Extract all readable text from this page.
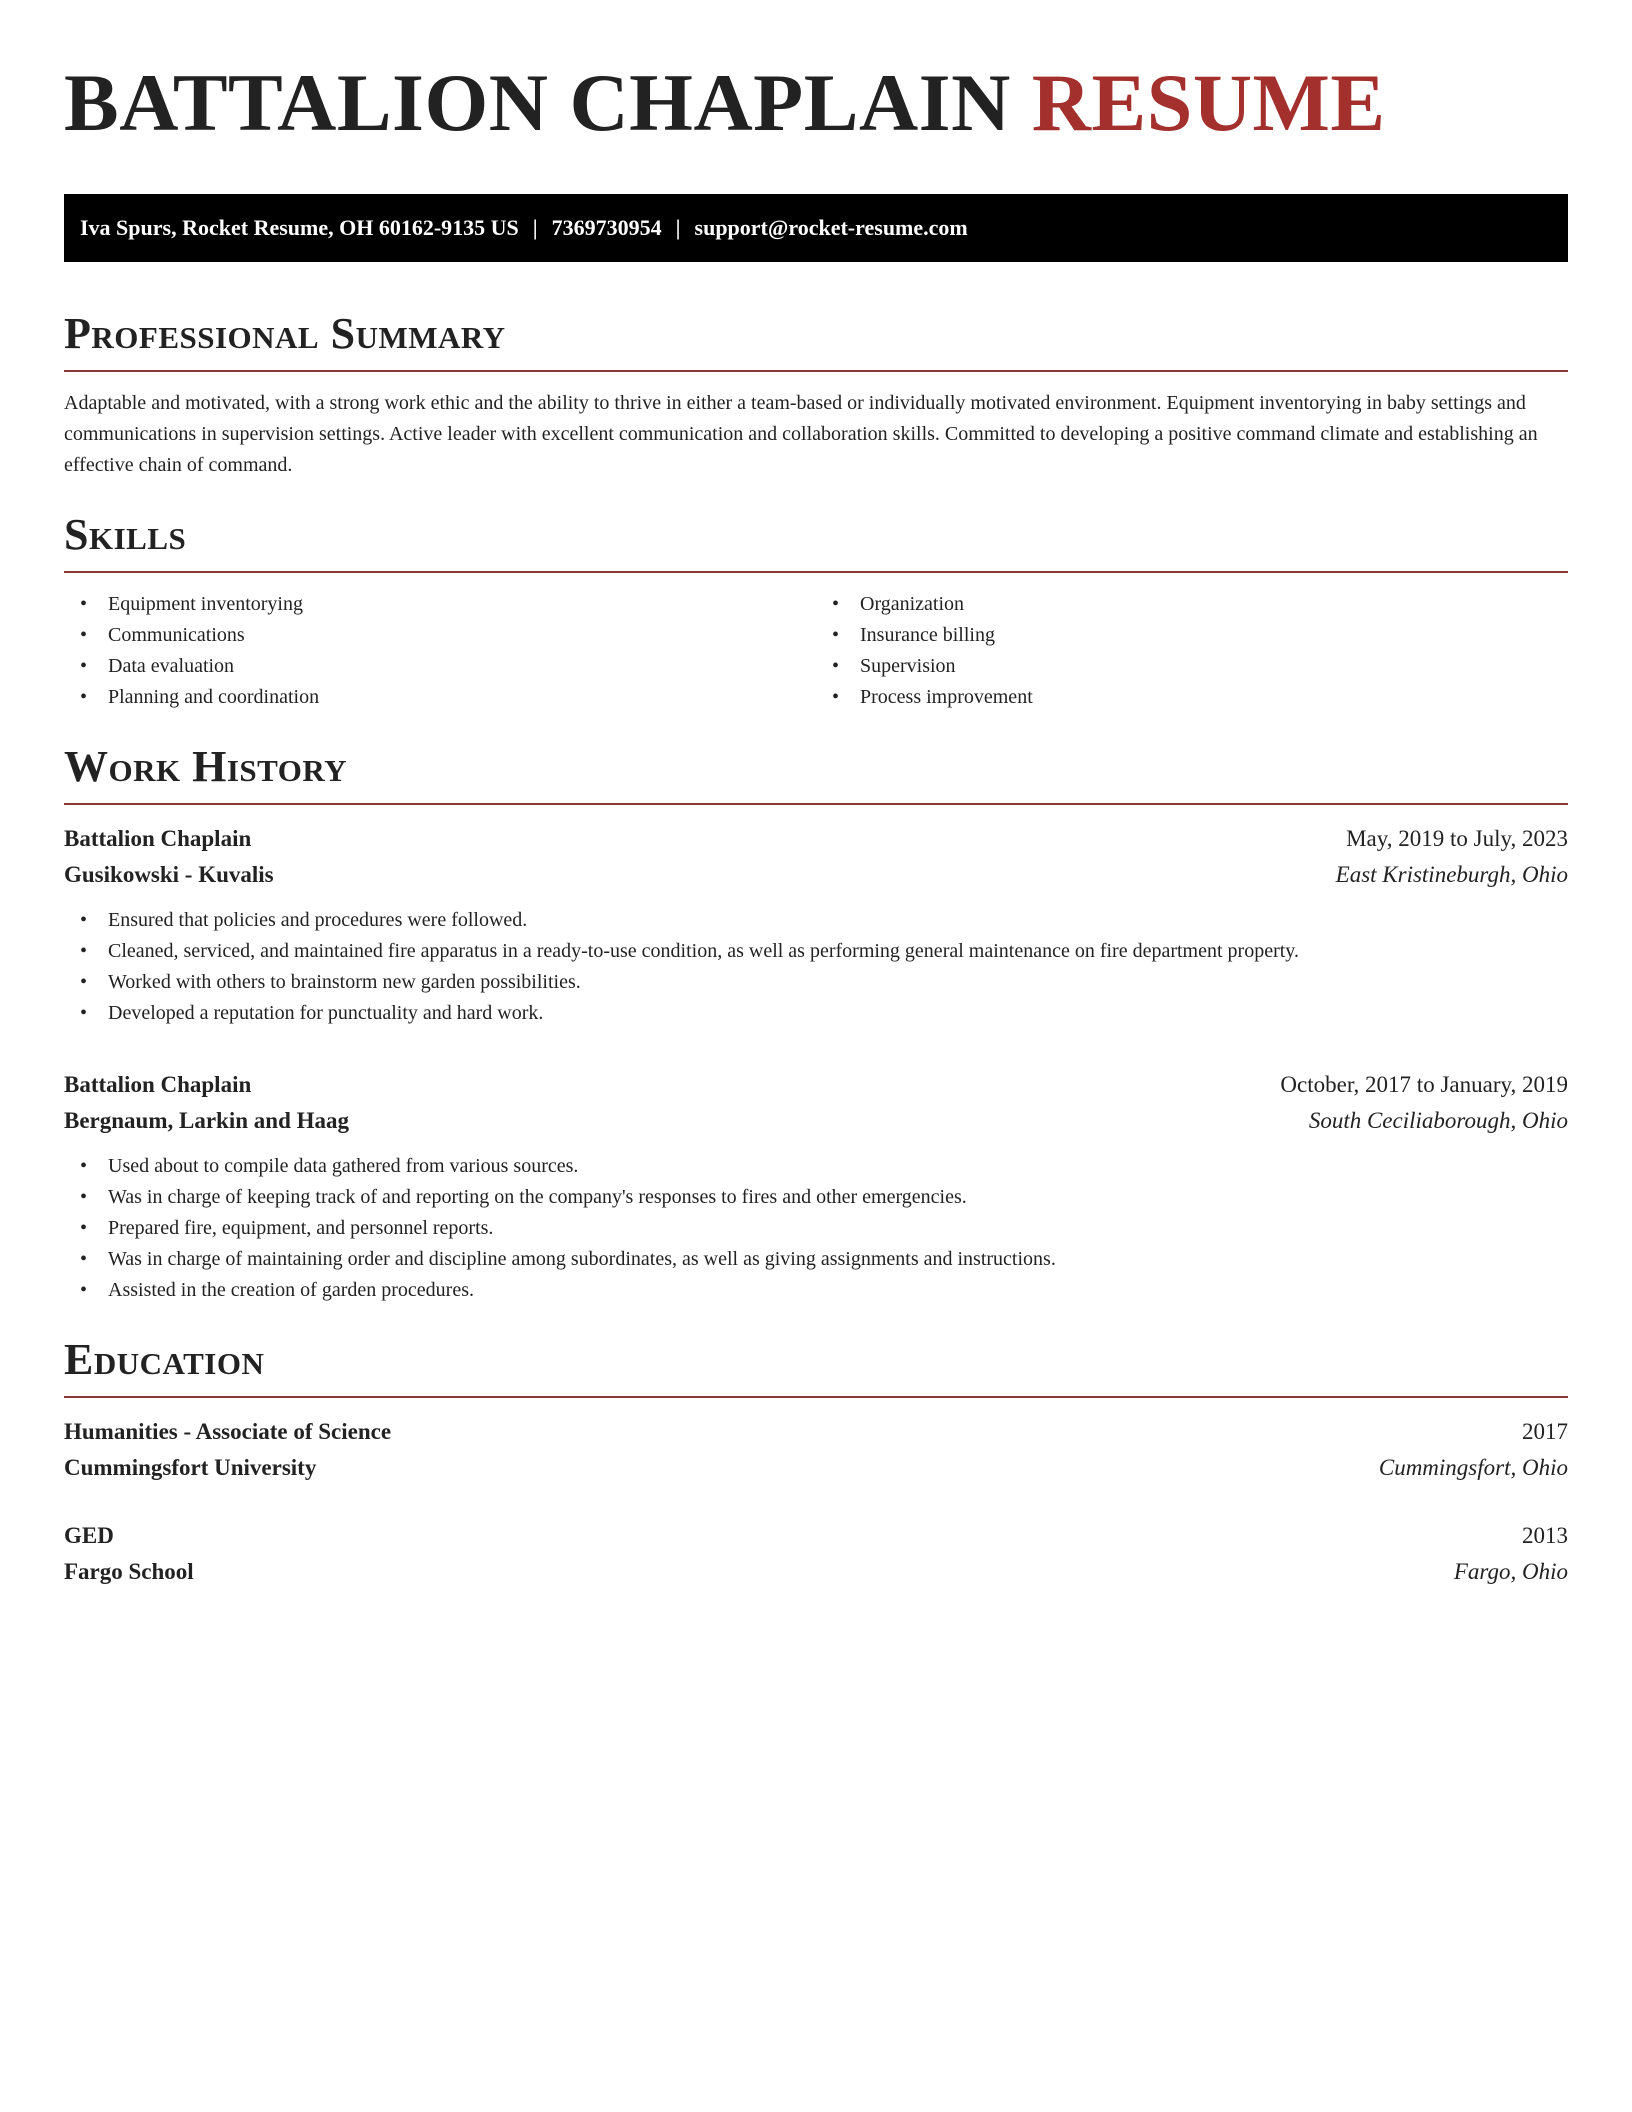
BATTALION CHAPLAIN RESUME
Iva Spurs, Rocket Resume, OH 60162-9135 US | 7369730954 | support@rocket-resume.com
Professional Summary

Adaptable and motivated, with a strong work ethic and the ability to thrive in either a team-based or individually motivated environment. Equipment inventorying in baby settings and communications in supervision settings. Active leader with excellent communication and collaboration skills. Committed to developing a positive command climate and establishing an effective chain of command.

Skills
• Equipment inventorying
• Communications
• Data evaluation
• Planning and coordination
• Organization
• Insurance billing
• Supervision
• Process improvement
Work History
Battalion Chaplain	May, 2019 to July, 2023
Gusikowski - Kuvalis	East Kristineburgh, Ohio
• Ensured that policies and procedures were followed.
• Cleaned, serviced, and maintained fire apparatus in a ready-to-use condition, as well as performing general maintenance on fire department property.
• Worked with others to brainstorm new garden possibilities.
• Developed a reputation for punctuality and hard work.
Battalion Chaplain	October, 2017 to January, 2019
Bergnaum, Larkin and Haag	South Ceciliaborough, Ohio
• Used about to compile data gathered from various sources.
• Was in charge of keeping track of and reporting on the company's responses to fires and other emergencies.
• Prepared fire, equipment, and personnel reports.
• Was in charge of maintaining order and discipline among subordinates, as well as giving assignments and instructions.
• Assisted in the creation of garden procedures.
Education
Humanities - Associate of Science	2017
Cummingsfort University	Cummingsfort, Ohio
GED	2013
Fargo School	Fargo, Ohio
